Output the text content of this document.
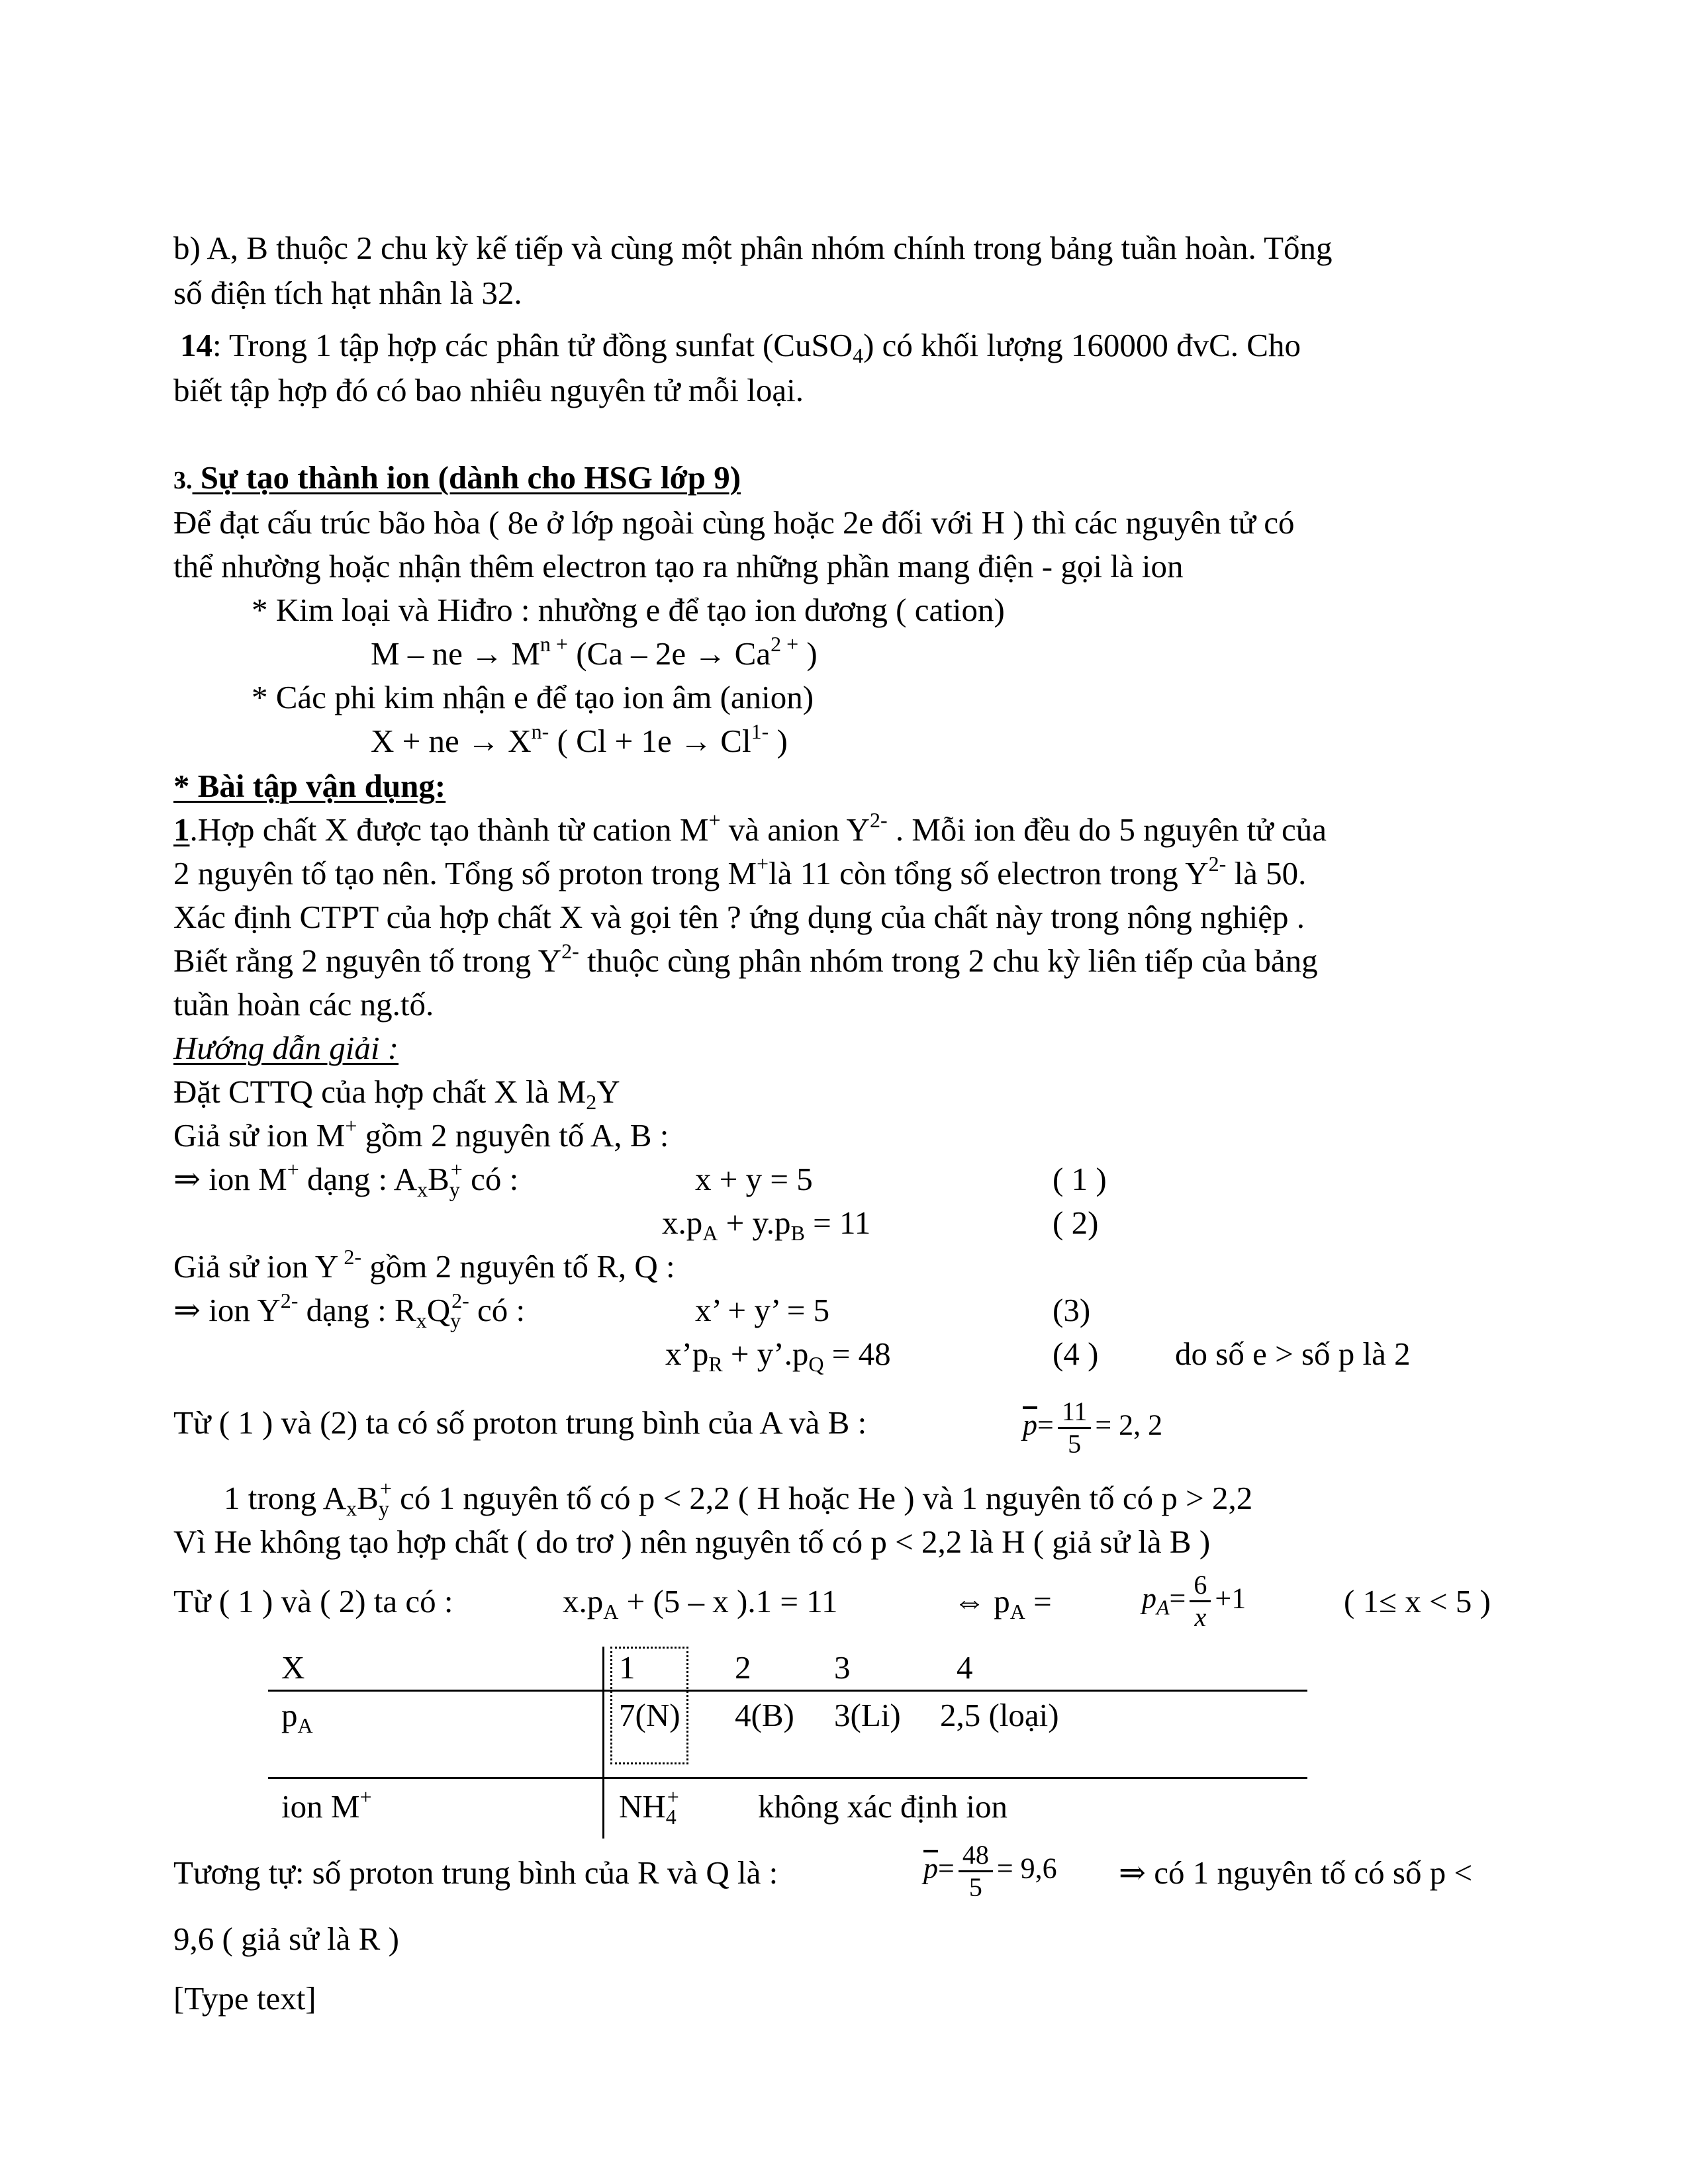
b) A, B thuộc 2 chu kỳ kế tiếp và cùng một phân nhóm chính trong bảng tuần hoàn. Tổng
số điện tích hạt nhân là 32.
14: Trong 1 tập hợp các phân tử đồng sunfat (CuSO$_4$) có khối lượng 160000 đvC. Cho
biết tập hợp đó có bao nhiêu nguyên tử mỗi loại.
3. Sự tạo thành ion (dành cho HSG lớp 9)
Để đạt cấu trúc bão hòa ( 8e ở lớp ngoài cùng hoặc 2e đối với H ) thì các nguyên tử có
thể nhường hoặc nhận thêm electron tạo ra những phần mang điện - gọi là ion
* Kim loại và Hiđro : nhường e để tạo ion dương ( cation)
M – ne → $M^{n +}$ ($Ca - 2e \to Ca^{2 +}$ )
* Các phi kim nhận e để tạo ion âm (anion)
X + ne → $X^{n-}$ ( $Cl + 1e \to Cl^{1-}$ )
* Bài tập vận dụng:
1.Hợp chất X được tạo thành từ cation M+ và anion $Y^{2-}$ . Mỗi ion đều do 5 nguyên tử của
2 nguyên tố tạo nên. Tổng số proton trong M+là 11 còn tổng số electron trong $Y^{2-}$ là 50.
Xác định CTPT của hợp chất X và gọi tên ? ứng dụng của chất này trong nông nghiệp .
Biết rằng 2 nguyên tố trong $Y^{2-}$ thuộc cùng phân nhóm trong 2 chu kỳ liên tiếp của bảng
tuần hoàn các ng.tố.
Hướng dẫn giải :
Đặt CTTQ của hợp chất X là $M_2Y$
Giả sử ion M+ gồm 2 nguyên tố A, B :
⇒ ion M+ dạng : $A_xB_y^+$ có :	x + y = 5	( 1 )
$x.p_A + y.p_B = 11$	( 2)
Giả sử ion Y $^{2-}$ gồm 2 nguyên tố R, Q :
⇒ ion $Y^{2-}$ dạng : $R_xQ_y^{2-}$ có :	x’ + y’ = 5	(3)
$x’p_R$ + $y’.p_Q = 48$	(4 ) do số e > số p là 2
Từ ( 1 ) và (2) ta có số proton trung bình của A và B :	$\overline{p}= \frac{11}{5} = 2$, 2
1 trong $A_xB_y^+$ có 1 nguyên tố có p < 2,2 ( H hoặc He ) và 1 nguyên tố có p > 2,2
Vì He không tạo hợp chất ( do trơ ) nên nguyên tố có p < 2,2 là H ( giả sử là B )
Từ ( 1 ) và ( 2) ta có :	$x.p_A + (5 - x$ ).1 = 11	⇔ $p_A$ =	$p_A= \frac{6}{x} +1$	( 1≤ x < 5 )
X	1	2	3	4
$p_A$	7(N) 4(B) 3(Li) 2,5 (loại)
ion M+	$NH_4^+$ không xác định ion
Tương tự: số proton trung bình của R và Q là :	$\overline{p}= \frac{48}{5} = 9,6$ ⇒ có 1 nguyên tố có số p <
9,6 ( giả sử là R )
[Type text]
